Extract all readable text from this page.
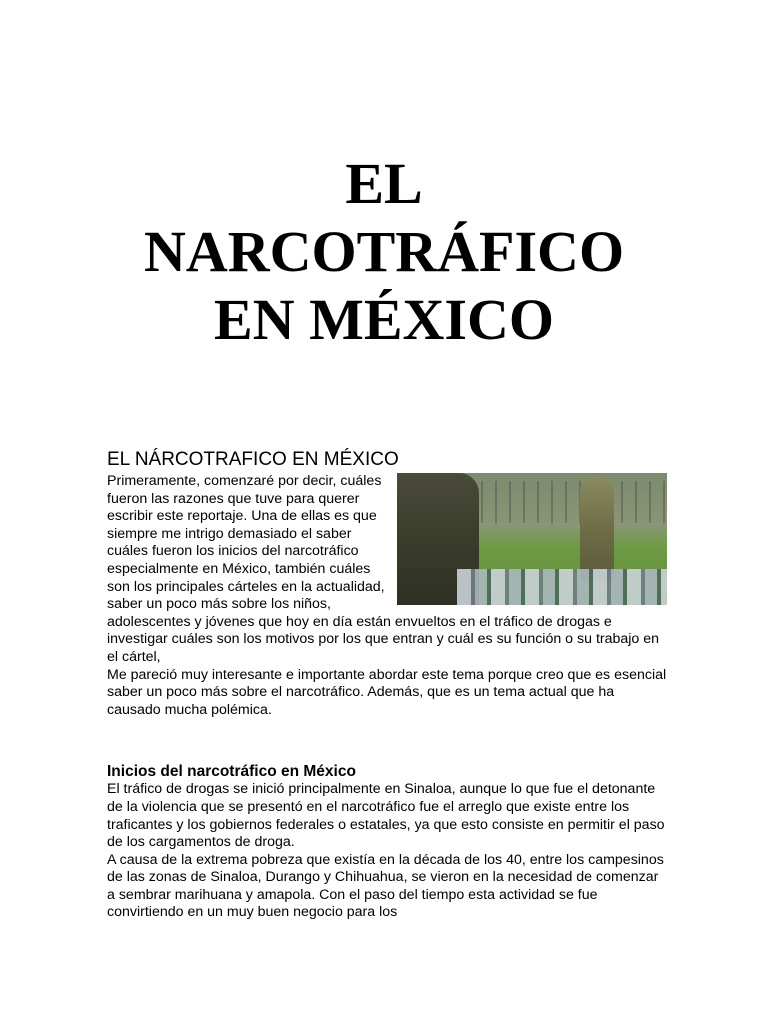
EL
NARCOTRÁFICO
EN MÉXICO
EL NÁRCOTRAFICO EN MÉXICO

Primeramente, comenzaré por decir, cuáles fueron las razones que tuve para querer escribir este reportaje. Una de ellas es que siempre me intrigo demasiado el saber cuáles fueron los inicios del narcotráfico especialmente en México, también cuáles son los principales cárteles en la actualidad, saber un poco más sobre los niños, adolescentes y jóvenes que hoy en día están envueltos en el tráfico de drogas e investigar cuáles son los motivos por los que entran y cuál es su función o su trabajo en el cártel,

Me pareció muy interesante e importante abordar este tema porque creo que es esencial saber un poco más sobre el narcotráfico. Además, que es un tema actual que ha causado mucha polémica.

Inicios del narcotráfico en México

El tráfico de drogas se inició principalmente en Sinaloa, aunque lo que fue el detonante de la violencia que se presentó en el narcotráfico fue el arreglo que existe entre los traficantes y los gobiernos federales o estatales, ya que esto consiste en permitir el paso de los cargamentos de droga.

A causa de la extrema pobreza que existía en la década de los 40, entre los campesinos de las zonas de Sinaloa, Durango y Chihuahua, se vieron en la necesidad de comenzar a sembrar marihuana y amapola. Con el paso del tiempo esta actividad se fue convirtiendo en un muy buen negocio para los
